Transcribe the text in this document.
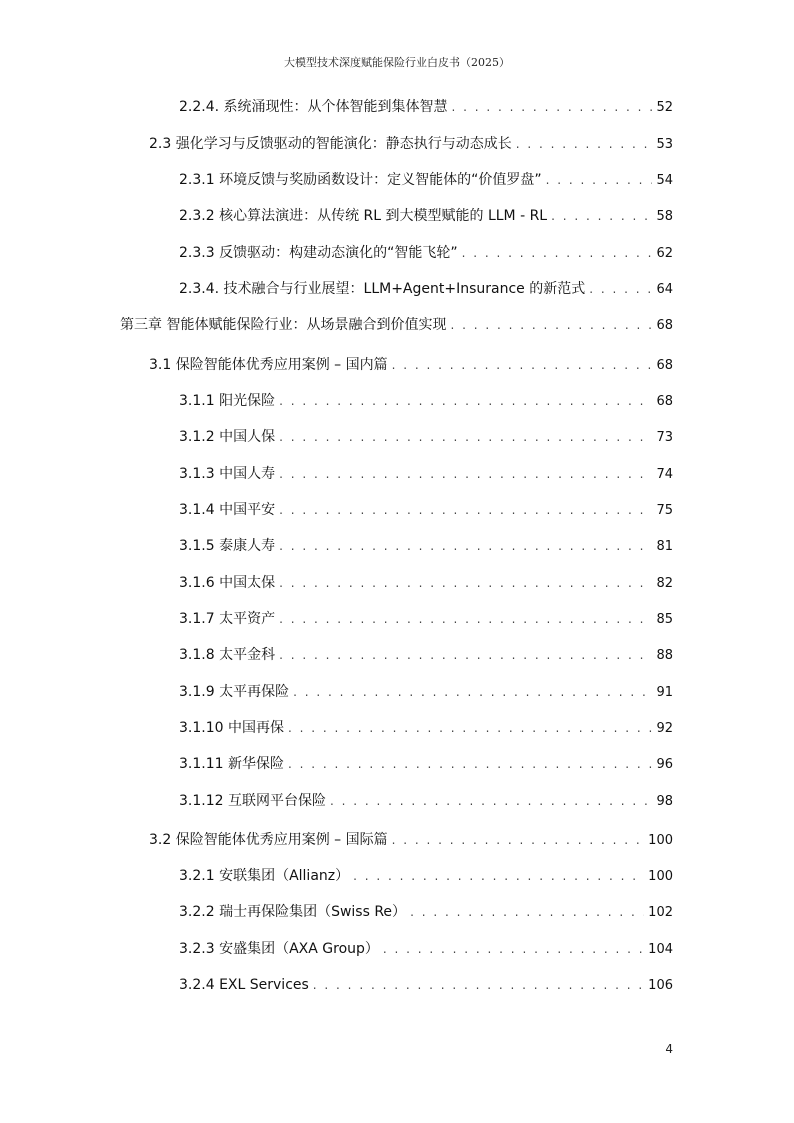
大模型技术深度赋能保险行业白皮书（2025）
2.2.4. 系统涌现性：从个体智能到集体智慧 . . .	52
2.3 强化学习与反馈驱动的智能演化：静态执行与动态成长 . . .	53
2.3.1 环境反馈与奖励函数设计：定义智能体的“价值罗盘” . . .	54
2.3.2 核心算法演进：从传统 RL 到大模型赋能的 LLM - RL . . .	58
2.3.3 反馈驱动：构建动态演化的“智能飞轮” . . .	62
2.3.4. 技术融合与行业展望：LLM+Agent+Insurance 的新范式 . . .	64
第三章 智能体赋能保险行业：从场景融合到价值实现 . . .	68
3.1 保险智能体优秀应用案例 – 国内篇 . . .	68
3.1.1 阳光保险 . . .	68
3.1.2 中国人保 . . .	73
3.1.3 中国人寿 . . .	74
3.1.4 中国平安 . . .	75
3.1.5 泰康人寿 . . .	81
3.1.6 中国太保 . . .	82
3.1.7 太平资产 . . .	85
3.1.8 太平金科 . . .	88
3.1.9 太平再保险 . . .	91
3.1.10 中国再保 . . .	92
3.1.11 新华保险 . . .	96
3.1.12 互联网平台保险 . . .	98
3.2 保险智能体优秀应用案例 – 国际篇 . . .	100
3.2.1 安联集团（Allianz） . . .	100
3.2.2 瑞士再保险集团（Swiss Re） . . .	102
3.2.3 安盛集团（AXA Group） . . .	104
3.2.4 EXL Services . . .	106
4
